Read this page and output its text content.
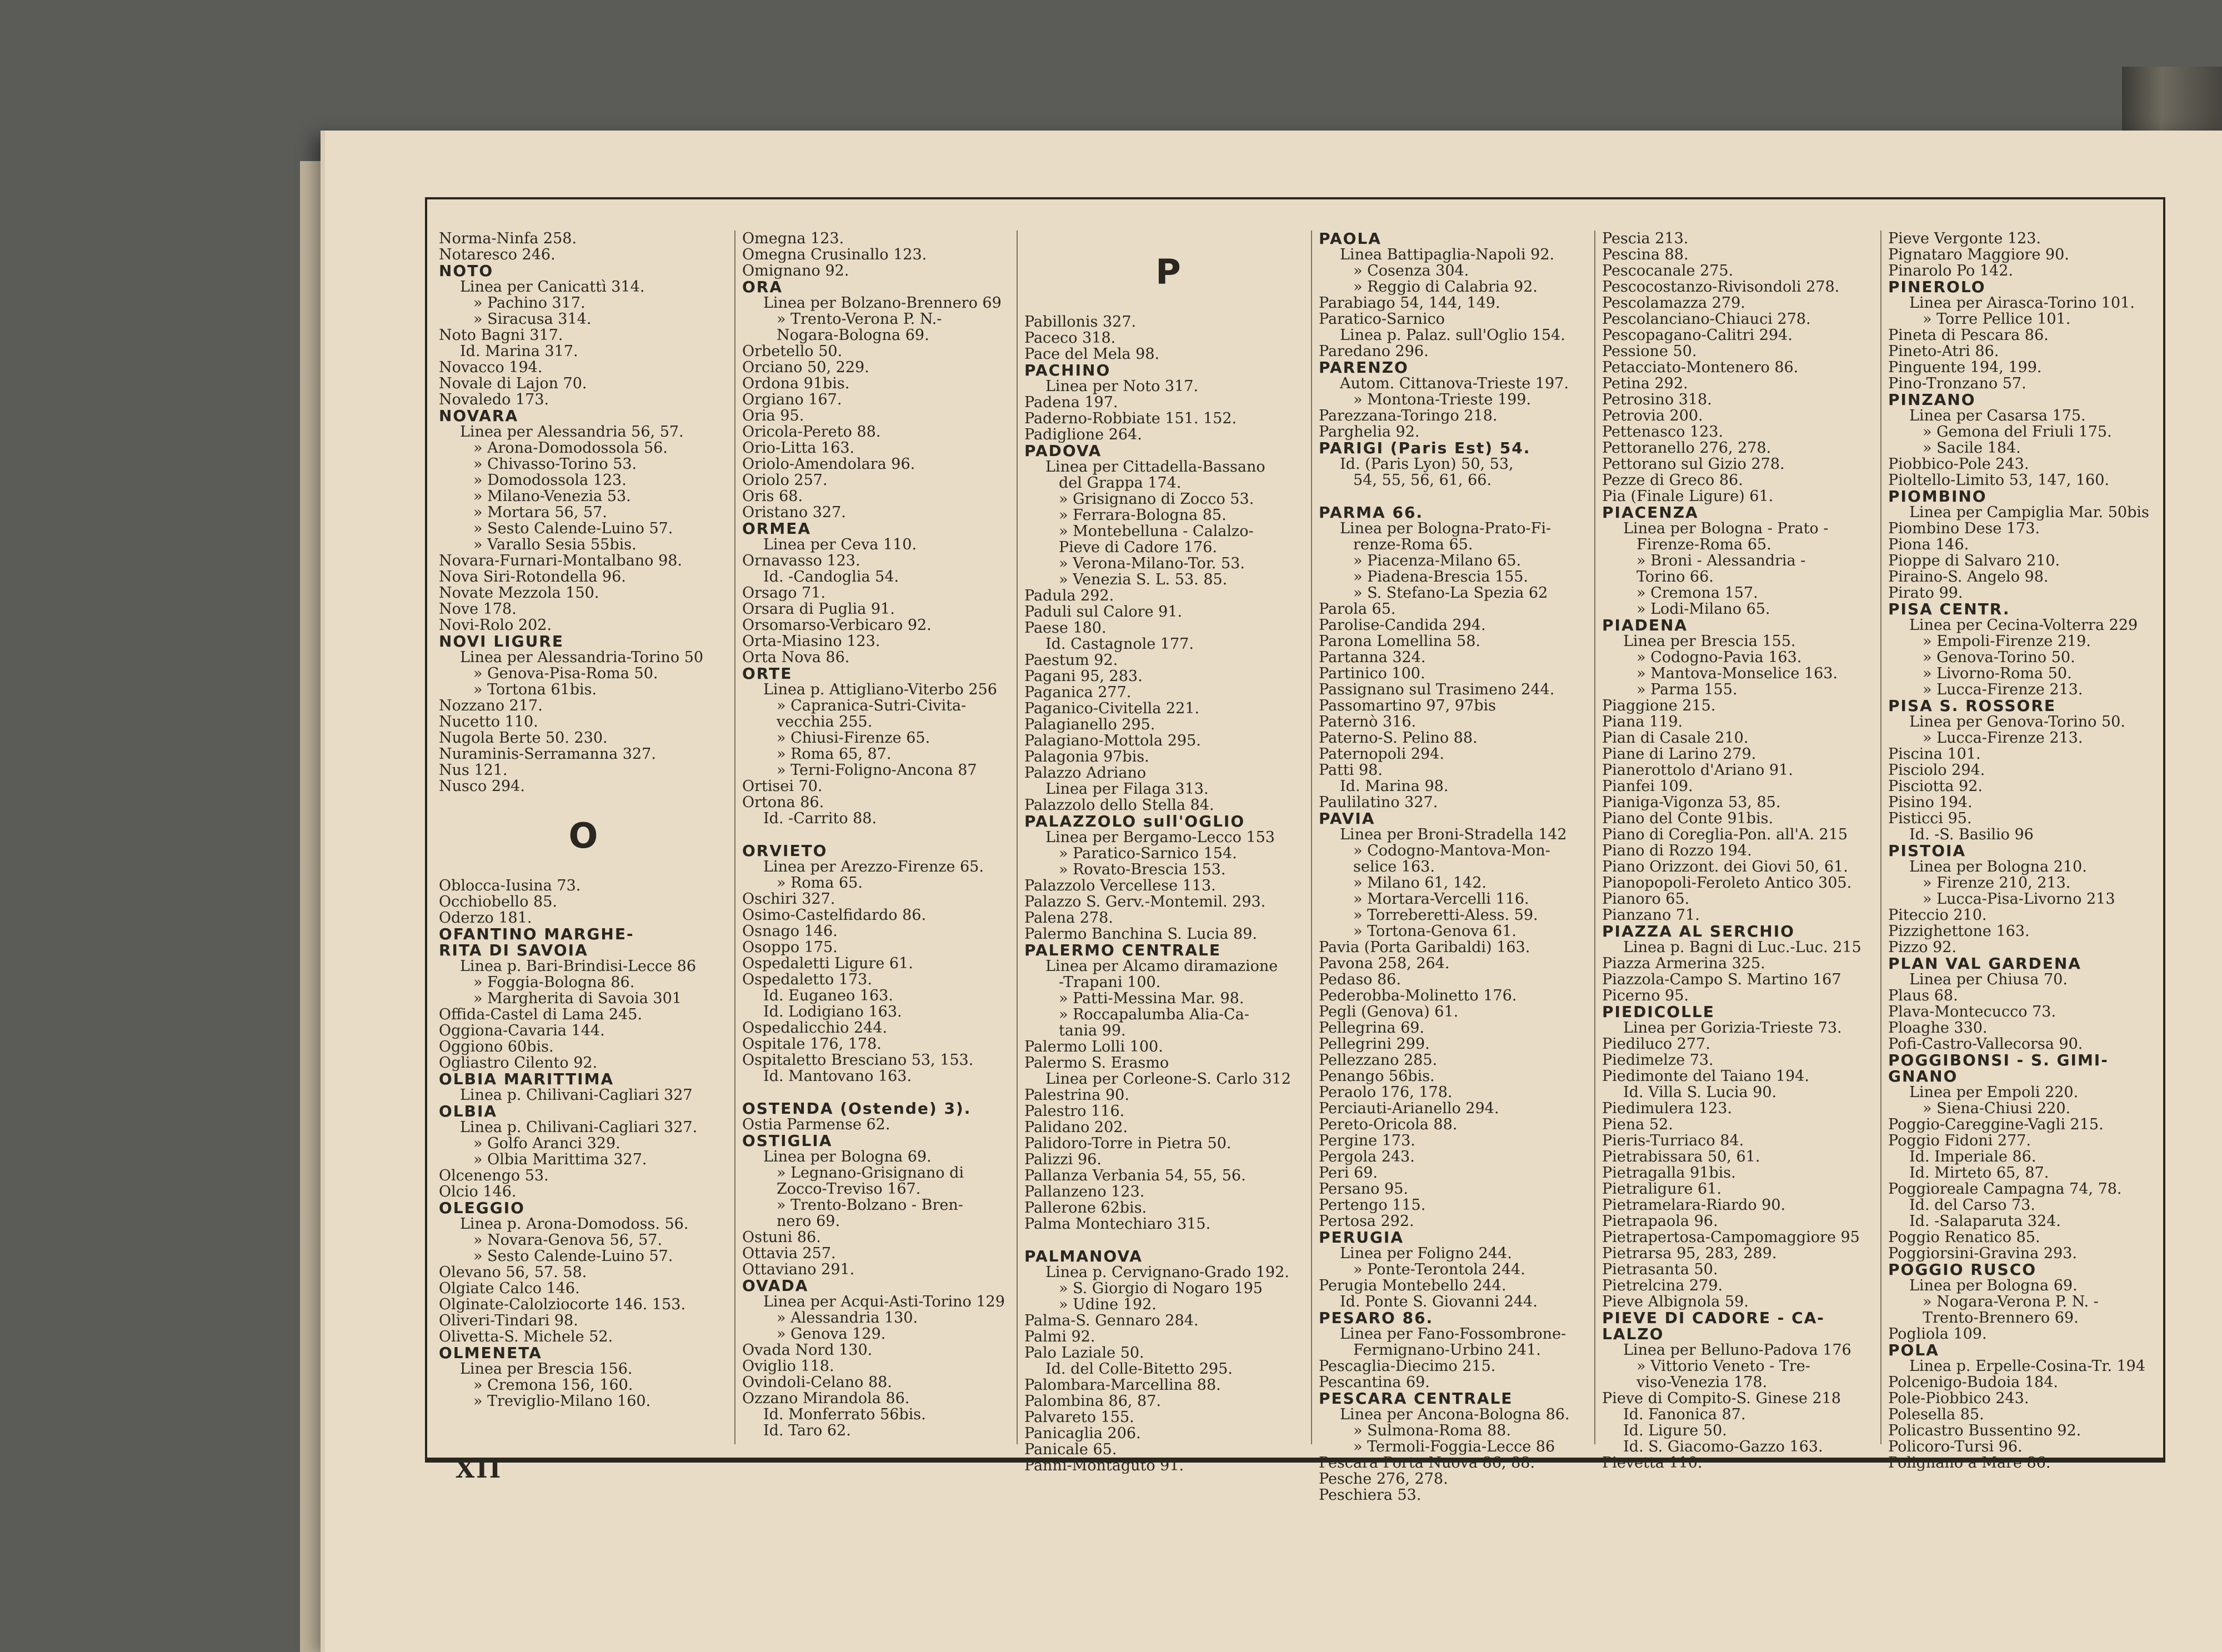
Norma-Ninfa 258.
Notaresco 246.
NOTO
Linea per Canicattì 314.
» Pachino 317.
» Siracusa 314.
Noto Bagni 317.
Id. Marina 317.
Novacco 194.
Novale di Lajon 70.
Novaledo 173.
NOVARA
Linea per Alessandria 56, 57.
» Arona-Domodossola 56.
» Chivasso-Torino 53.
» Domodossola 123.
» Milano-Venezia 53.
» Mortara 56, 57.
» Sesto Calende-Luino 57.
» Varallo Sesia 55bis.
Novara-Furnari-Montalbano 98.
Nova Siri-Rotondella 96.
Novate Mezzola 150.
Nove 178.
Novi-Rolo 202.
NOVI LIGURE
Linea per Alessandria-Torino 50
» Genova-Pisa-Roma 50.
» Tortona 61bis.
Nozzano 217.
Nucetto 110.
Nugola Berte 50. 230.
Nuraminis-Serramanna 327.
Nus 121.
Nusco 294.
O
Oblocca-Iusina 73.
Occhiobello 85.
Oderzo 181.
OFANTINO MARGHE-
RITA DI SAVOIA
Linea p. Bari-Brindisi-Lecce 86
» Foggia-Bologna 86.
» Margherita di Savoia 301
Offida-Castel di Lama 245.
Oggiona-Cavaria 144.
Oggiono 60bis.
Ogliastro Cilento 92.
OLBIA MARITTIMA
Linea p. Chilivani-Cagliari 327
OLBIA
Linea p. Chilivani-Cagliari 327.
» Golfo Aranci 329.
» Olbia Marittima 327.
Olcenengo 53.
Olcio 146.
OLEGGIO
Linea p. Arona-Domodoss. 56.
» Novara-Genova 56, 57.
» Sesto Calende-Luino 57.
Olevano 56, 57. 58.
Olgiate Calco 146.
Olginate-Calolziocorte 146. 153.
Oliveri-Tindari 98.
Olivetta-S. Michele 52.
OLMENETA
Linea per Brescia 156.
» Cremona 156, 160.
» Treviglio-Milano 160.
Omegna 123.
Omegna Crusinallo 123.
Omignano 92.
ORA
Linea per Bolzano-Brennero 69
» Trento-Verona P. N.-
Nogara-Bologna 69.
Orbetello 50.
Orciano 50, 229.
Ordona 91bis.
Orgiano 167.
Oria 95.
Oricola-Pereto 88.
Orio-Litta 163.
Oriolo-Amendolara 96.
Oriolo 257.
Oris 68.
Oristano 327.
ORMEA
Linea per Ceva 110.
Ornavasso 123.
Id. -Candoglia 54.
Orsago 71.
Orsara di Puglia 91.
Orsomarso-Verbicaro 92.
Orta-Miasino 123.
Orta Nova 86.
ORTE
Linea p. Attigliano-Viterbo 256
» Capranica-Sutri-Civita-
vecchia 255.
» Chiusi-Firenze 65.
» Roma 65, 87.
» Terni-Foligno-Ancona 87
Ortisei 70.
Ortona 86.
Id. -Carrito 88.
ORVIETO
Linea per Arezzo-Firenze 65.
» Roma 65.
Oschiri 327.
Osimo-Castelfidardo 86.
Osnago 146.
Osoppo 175.
Ospedaletti Ligure 61.
Ospedaletto 173.
Id. Euganeo 163.
Id. Lodigiano 163.
Ospedalicchio 244.
Ospitale 176, 178.
Ospitaletto Bresciano 53, 153.
Id. Mantovano 163.
OSTENDA (Ostende) 3).
Ostia Parmense 62.
OSTIGLIA
Linea per Bologna 69.
» Legnano-Grisignano di
Zocco-Treviso 167.
» Trento-Bolzano - Bren-
nero 69.
Ostuni 86.
Ottavia 257.
Ottaviano 291.
OVADA
Linea per Acqui-Asti-Torino 129
» Alessandria 130.
» Genova 129.
Ovada Nord 130.
Oviglio 118.
Ovindoli-Celano 88.
Ozzano Mirandola 86.
Id. Monferrato 56bis.
Id. Taro 62.
P
Pabillonis 327.
Paceco 318.
Pace del Mela 98.
PACHINO
Linea per Noto 317.
Padena 197.
Paderno-Robbiate 151. 152.
Padiglione 264.
PADOVA
Linea per Cittadella-Bassano
del Grappa 174.
» Grisignano di Zocco 53.
» Ferrara-Bologna 85.
» Montebelluna - Calalzo-
Pieve di Cadore 176.
» Verona-Milano-Tor. 53.
» Venezia S. L. 53. 85.
Padula 292.
Paduli sul Calore 91.
Paese 180.
Id. Castagnole 177.
Paestum 92.
Pagani 95, 283.
Paganica 277.
Paganico-Civitella 221.
Palagianello 295.
Palagiano-Mottola 295.
Palagonia 97bis.
Palazzo Adriano
Linea per Filaga 313.
Palazzolo dello Stella 84.
PALAZZOLO sull'OGLIO
Linea per Bergamo-Lecco 153
» Paratico-Sarnico 154.
» Rovato-Brescia 153.
Palazzolo Vercellese 113.
Palazzo S. Gerv.-Montemil. 293.
Palena 278.
Palermo Banchina S. Lucia 89.
PALERMO CENTRALE
Linea per Alcamo diramazione
-Trapani 100.
» Patti-Messina Mar. 98.
» Roccapalumba Alia-Ca-
tania 99.
Palermo Lolli 100.
Palermo S. Erasmo
Linea per Corleone-S. Carlo 312
Palestrina 90.
Palestro 116.
Palidano 202.
Palidoro-Torre in Pietra 50.
Palizzi 96.
Pallanza Verbania 54, 55, 56.
Pallanzeno 123.
Pallerone 62bis.
Palma Montechiaro 315.
PALMANOVA
Linea p. Cervignano-Grado 192.
» S. Giorgio di Nogaro 195
» Udine 192.
Palma-S. Gennaro 284.
Palmi 92.
Palo Laziale 50.
Id. del Colle-Bitetto 295.
Palombara-Marcellina 88.
Palombina 86, 87.
Palvareto 155.
Panicaglia 206.
Panicale 65.
Panni-Montaguto 91.
PAOLA
Linea Battipaglia-Napoli 92.
» Cosenza 304.
» Reggio di Calabria 92.
Parabiago 54, 144, 149.
Paratico-Sarnico
Linea p. Palaz. sull'Oglio 154.
Paredano 296.
PARENZO
Autom. Cittanova-Trieste 197.
» Montona-Trieste 199.
Parezzana-Toringo 218.
Parghelia 92.
PARIGI (Paris Est) 54.
Id. (Paris Lyon) 50, 53,
54, 55, 56, 61, 66.
PARMA 66.
Linea per Bologna-Prato-Fi-
renze-Roma 65.
» Piacenza-Milano 65.
» Piadena-Brescia 155.
» S. Stefano-La Spezia 62
Parola 65.
Parolise-Candida 294.
Parona Lomellina 58.
Partanna 324.
Partinico 100.
Passignano sul Trasimeno 244.
Passomartino 97, 97bis
Paternò 316.
Paterno-S. Pelino 88.
Paternopoli 294.
Patti 98.
Id. Marina 98.
Paulilatino 327.
PAVIA
Linea per Broni-Stradella 142
» Codogno-Mantova-Mon-
selice 163.
» Milano 61, 142.
» Mortara-Vercelli 116.
» Torreberetti-Aless. 59.
» Tortona-Genova 61.
Pavia (Porta Garibaldi) 163.
Pavona 258, 264.
Pedaso 86.
Pederobba-Molinetto 176.
Pegli (Genova) 61.
Pellegrina 69.
Pellegrini 299.
Pellezzano 285.
Penango 56bis.
Peraolo 176, 178.
Perciauti-Arianello 294.
Pereto-Oricola 88.
Pergine 173.
Pergola 243.
Peri 69.
Persano 95.
Pertengo 115.
Pertosa 292.
PERUGIA
Linea per Foligno 244.
» Ponte-Terontola 244.
Perugia Montebello 244.
Id. Ponte S. Giovanni 244.
PESARO 86.
Linea per Fano-Fossombrone-
Fermignano-Urbino 241.
Pescaglia-Diecimo 215.
Pescantina 69.
PESCARA CENTRALE
Linea per Ancona-Bologna 86.
» Sulmona-Roma 88.
» Termoli-Foggia-Lecce 86
Pescara Porta Nuova 86, 88.
Pesche 276, 278.
Peschiera 53.
Pescia 213.
Pescina 88.
Pescocanale 275.
Pescocostanzo-Rivisondoli 278.
Pescolamazza 279.
Pescolanciano-Chiauci 278.
Pescopagano-Calitri 294.
Pessione 50.
Petacciato-Montenero 86.
Petina 292.
Petrosino 318.
Petrovia 200.
Pettenasco 123.
Pettoranello 276, 278.
Pettorano sul Gizio 278.
Pezze di Greco 86.
Pia (Finale Ligure) 61.
PIACENZA
Linea per Bologna - Prato -
Firenze-Roma 65.
» Broni - Alessandria -
Torino 66.
» Cremona 157.
» Lodi-Milano 65.
PIADENA
Linea per Brescia 155.
» Codogno-Pavia 163.
» Mantova-Monselice 163.
» Parma 155.
Piaggione 215.
Piana 119.
Pian di Casale 210.
Piane di Larino 279.
Pianerottolo d'Ariano 91.
Pianfei 109.
Pianiga-Vigonza 53, 85.
Piano del Conte 91bis.
Piano di Coreglia-Pon. all'A. 215
Piano di Rozzo 194.
Piano Orizzont. dei Giovi 50, 61.
Pianopopoli-Feroleto Antico 305.
Pianoro 65.
Pianzano 71.
PIAZZA AL SERCHIO
Linea p. Bagni di Luc.-Luc. 215
Piazza Armerina 325.
Piazzola-Campo S. Martino 167
Picerno 95.
PIEDICOLLE
Linea per Gorizia-Trieste 73.
Piediluco 277.
Piedimelze 73.
Piedimonte del Taiano 194.
Id. Villa S. Lucia 90.
Piedimulera 123.
Piena 52.
Pieris-Turriaco 84.
Pietrabissara 50, 61.
Pietragalla 91bis.
Pietraligure 61.
Pietramelara-Riardo 90.
Pietrapaola 96.
Pietrapertosa-Campomaggiore 95
Pietrarsa 95, 283, 289.
Pietrasanta 50.
Pietrelcina 279.
Pieve Albignola 59.
PIEVE DI CADORE - CA-
LALZO
Linea per Belluno-Padova 176
» Vittorio Veneto - Tre-
viso-Venezia 178.
Pieve di Compito-S. Ginese 218
Id. Fanonica 87.
Id. Ligure 50.
Id. S. Giacomo-Gazzo 163.
Pievetta 110.
Pieve Vergonte 123.
Pignataro Maggiore 90.
Pinarolo Po 142.
PINEROLO
Linea per Airasca-Torino 101.
» Torre Pellice 101.
Pineta di Pescara 86.
Pineto-Atri 86.
Pinguente 194, 199.
Pino-Tronzano 57.
PINZANO
Linea per Casarsa 175.
» Gemona del Friuli 175.
» Sacile 184.
Piobbico-Pole 243.
Pioltello-Limito 53, 147, 160.
PIOMBINO
Linea per Campiglia Mar. 50bis
Piombino Dese 173.
Piona 146.
Pioppe di Salvaro 210.
Piraino-S. Angelo 98.
Pirato 99.
PISA CENTR.
Linea per Cecina-Volterra 229
» Empoli-Firenze 219.
» Genova-Torino 50.
» Livorno-Roma 50.
» Lucca-Firenze 213.
PISA S. ROSSORE
Linea per Genova-Torino 50.
» Lucca-Firenze 213.
Piscina 101.
Pisciolo 294.
Pisciotta 92.
Pisino 194.
Pisticci 95.
Id. -S. Basilio 96
PISTOIA
Linea per Bologna 210.
» Firenze 210, 213.
» Lucca-Pisa-Livorno 213
Piteccio 210.
Pizzighettone 163.
Pizzo 92.
PLAN VAL GARDENA
Linea per Chiusa 70.
Plaus 68.
Plava-Montecucco 73.
Ploaghe 330.
Pofi-Castro-Vallecorsa 90.
POGGIBONSI - S. GIMI-
GNANO
Linea per Empoli 220.
» Siena-Chiusi 220.
Poggio-Careggine-Vagli 215.
Poggio Fidoni 277.
Id. Imperiale 86.
Id. Mirteto 65, 87.
Poggioreale Campagna 74, 78.
Id. del Carso 73.
Id. -Salaparuta 324.
Poggio Renatico 85.
Poggiorsini-Gravina 293.
POGGIO RUSCO
Linea per Bologna 69.
» Nogara-Verona P. N. -
Trento-Brennero 69.
Pogliola 109.
POLA
Linea p. Erpelle-Cosina-Tr. 194
Polcenigo-Budoia 184.
Pole-Piobbico 243.
Polesella 85.
Policastro Bussentino 92.
Policoro-Tursi 96.
Polignano a Mare 86.
XII
